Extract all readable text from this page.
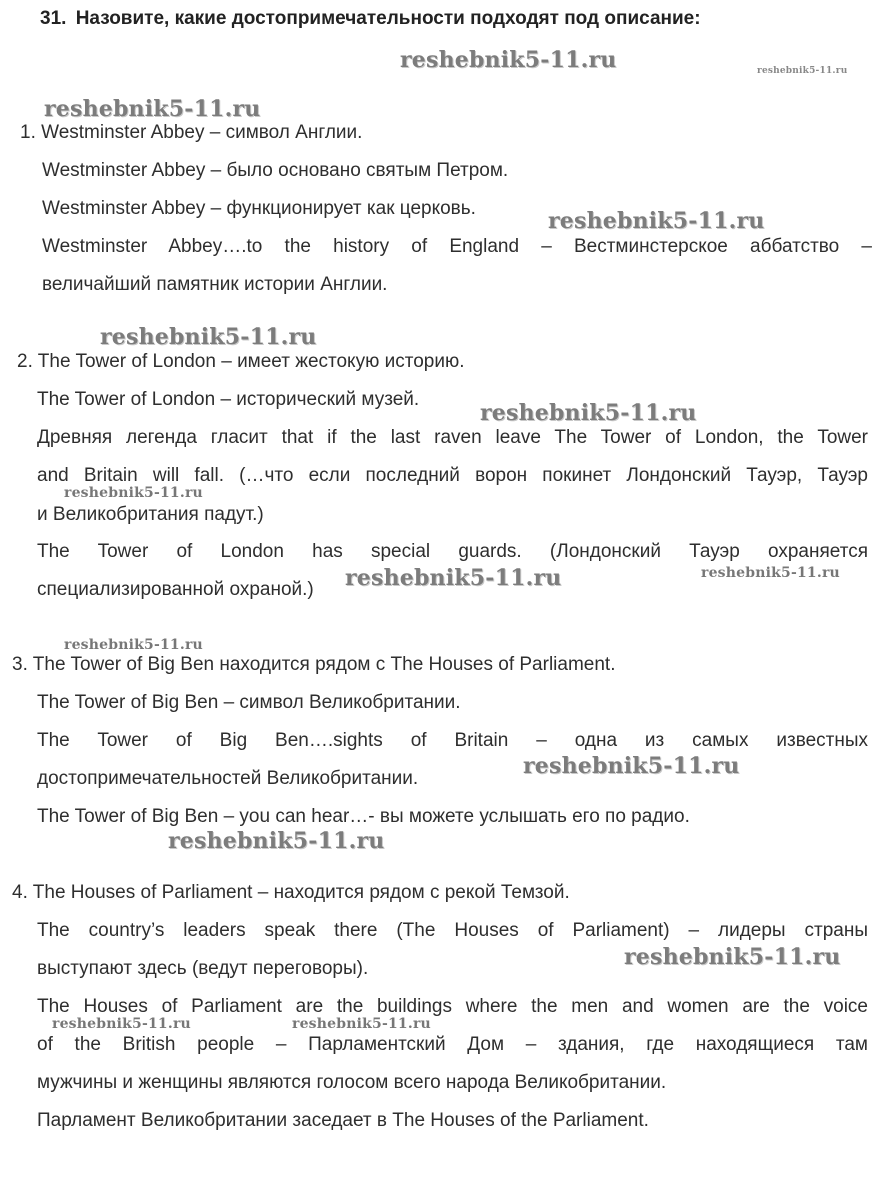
31. Назовите, какие достопримечательности подходят под описание:
1. Westminster Abbey – символ Англии.
Westminster Abbey – было основано святым Петром.
Westminster Abbey – функционирует как церковь.
Westminster Abbey….to the history of England – Вестминстерское аббатство –
величайший памятник истории Англии.
2. The Tower of London – имеет жестокую историю.
The Tower of London – исторический музей.
Древняя легенда гласит that if the last raven leave The Tower of London, the Tower
and Britain will fall. (…что если последний ворон покинет Лондонский Тауэр, Тауэр
и Великобритания падут.)
The Tower of London has special guards. (Лондонский Тауэр охраняется
специализированной охраной.)
3. The Tower of Big Ben находится рядом с The Houses of Parliament.
The Tower of Big Ben – символ Великобритании.
The Tower of Big Ben….sights of Britain – одна из самых известных
достопримечательностей Великобритании.
The Tower of Big Ben – you can hear…- вы можете услышать его по радио.
4. The Houses of Parliament – находится рядом с рекой Темзой.
The country’s leaders speak there (The Houses of Parliament) – лидеры страны
выступают здесь (ведут переговоры).
The Houses of Parliament are the buildings where the men and women are the voice
of the British people – Парламентский Дом – здания, где находящиеся там
мужчины и женщины являются голосом всего народа Великобритании.
Парламент Великобритании заседает в The Houses of the Parliament.
reshebnik5-11.ru	reshebnik5-11.ru
reshebnik5-11.ru
reshebnik5-11.ru
reshebnik5-11.ru
reshebnik5-11.ru
reshebnik5-11.ru
reshebnik5-11.ru	reshebnik5-11.ru
reshebnik5-11.ru
reshebnik5-11.ru
reshebnik5-11.ru
reshebnik5-11.ru
reshebnik5-11.ru	reshebnik5-11.ru
